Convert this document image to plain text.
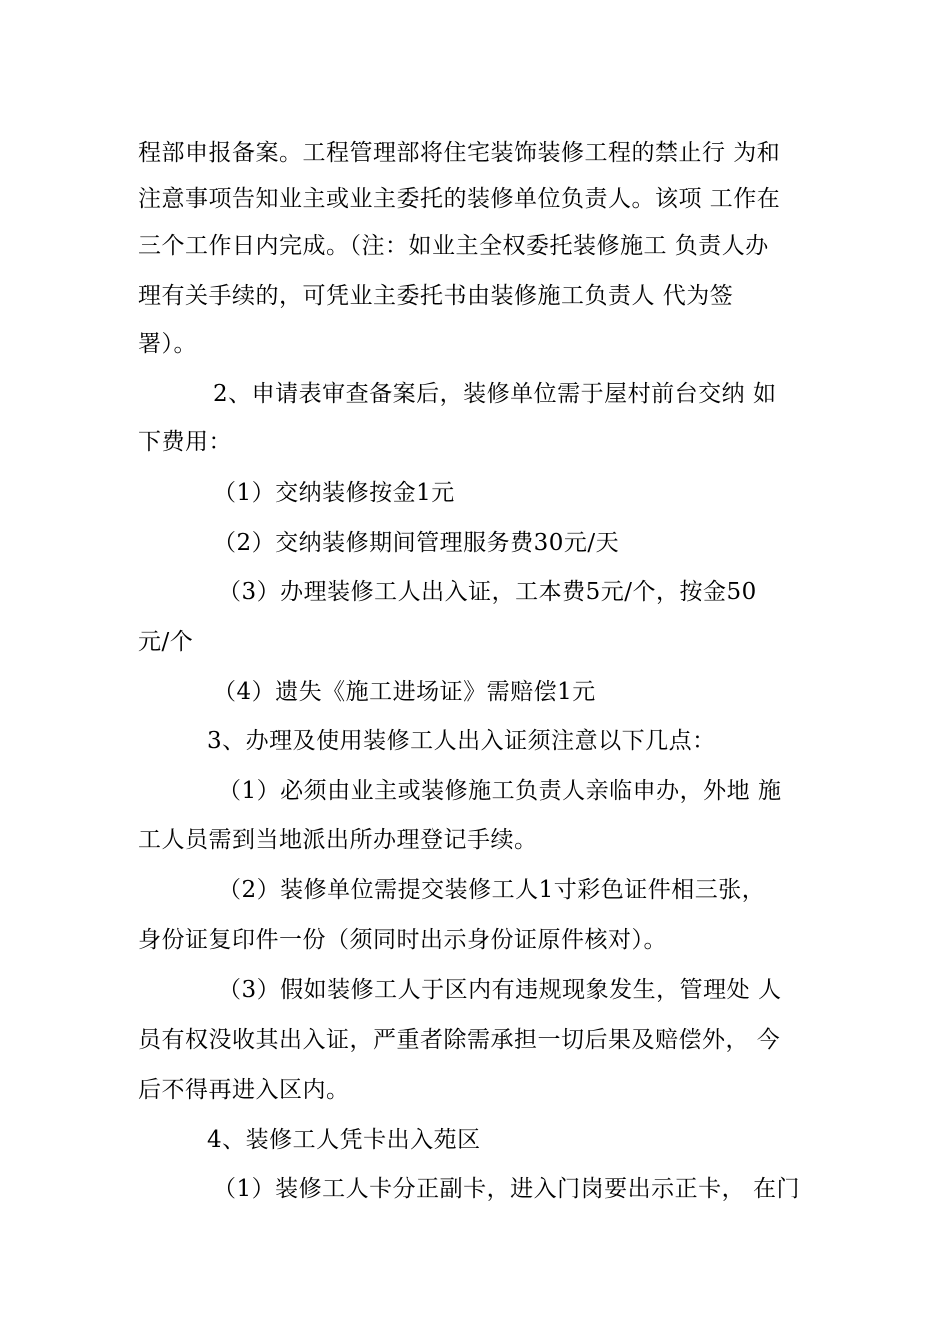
程部申报备案。工程管理部将住宅装饰装修工程的禁止行 为和
注意事项告知业主或业主委托的装修单位负责人。该项 工作在
三个工作日内完成。（注：如业主全权委托装修施工 负责人办
理有关手续的，可凭业主委托书由装修施工负责人 代为签
署）。
2、申请表审查备案后，装修单位需于屋村前台交纳 如
下费用：
（1）交纳装修按金1元
（2）交纳装修期间管理服务费30元/天
（3）办理装修工人出入证，工本费5元/个，按金50
元/个
（4）遗失《施工进场证》需赔偿1元
3、办理及使用装修工人出入证须注意以下几点：
（1）必须由业主或装修施工负责人亲临申办，外地 施
工人员需到当地派出所办理登记手续。
（2）装修单位需提交装修工人1寸彩色证件相三张，
身份证复印件一份（须同时出示身份证原件核对）。
（3）假如装修工人于区内有违规现象发生，管理处 人
员有权没收其出入证，严重者除需承担一切后果及赔偿外， 今
后不得再进入区内。
4、装修工人凭卡出入苑区
（1）装修工人卡分正副卡，进入门岗要出示正卡， 在门
